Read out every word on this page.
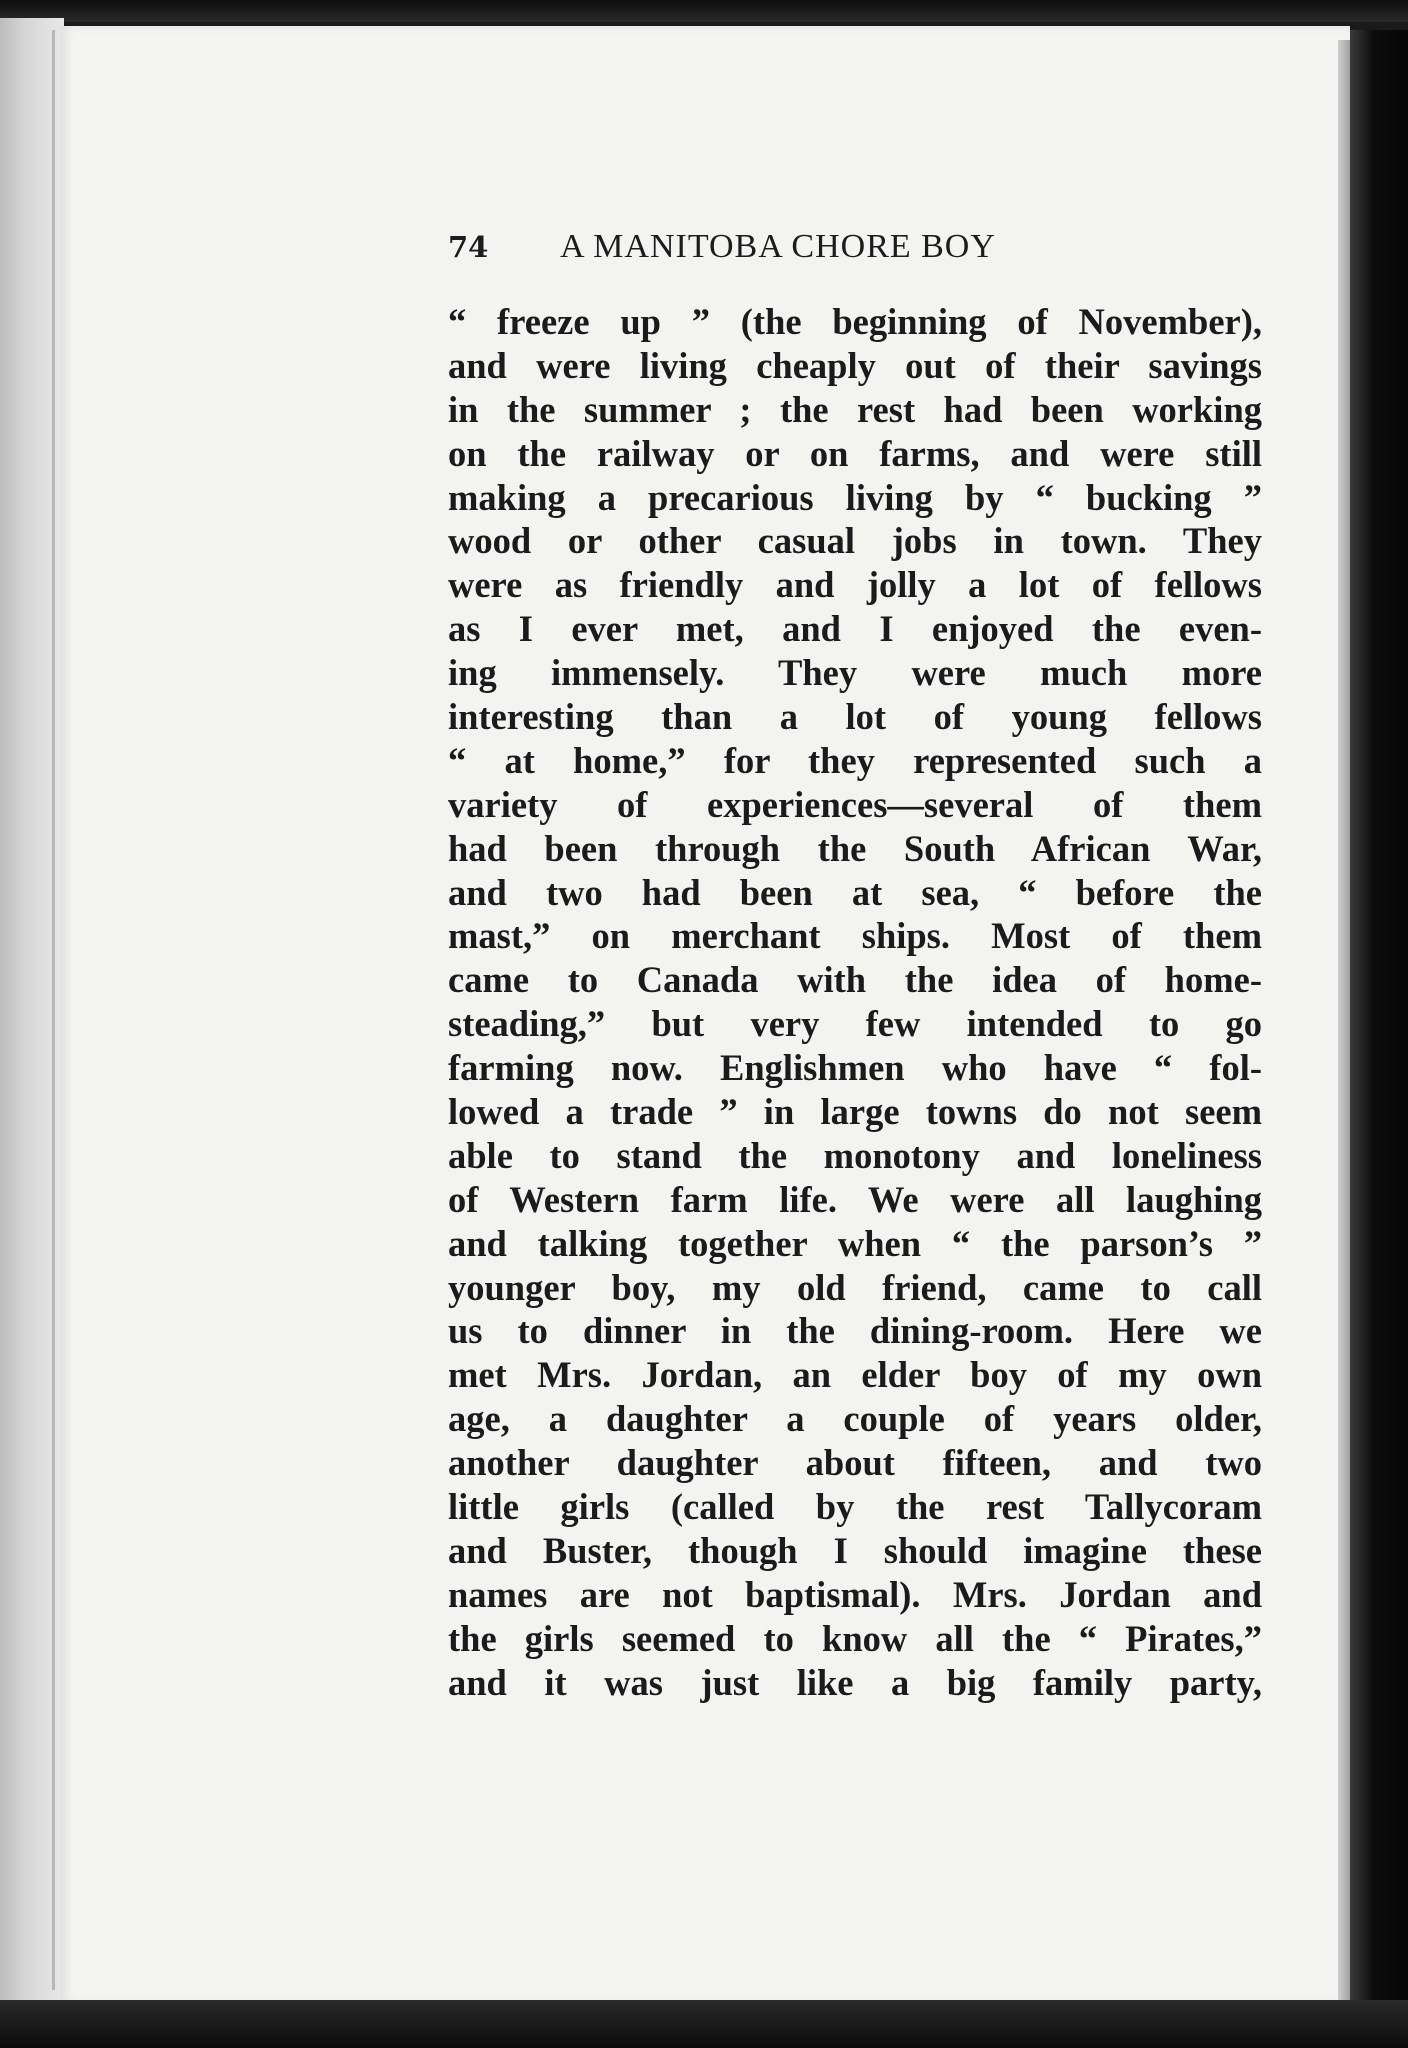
74 A MANITOBA CHORE BOY
“ freeze up ” (the beginning of November),
and were living cheaply out of their savings
in the summer ; the rest had been working
on the railway or on farms, and were still
making a precarious living by “ bucking ”
wood or other casual jobs in town. They
were as friendly and jolly a lot of fellows
as I ever met, and I enjoyed the even-
ing immensely. They were much more
interesting than a lot of young fellows
“ at home,” for they represented such a
variety of experiences—several of them
had been through the South African War,
and two had been at sea, “ before the
mast,” on merchant ships. Most of them
came to Canada with the idea of home-
steading,” but very few intended to go
farming now. Englishmen who have “ fol-
lowed a trade ” in large towns do not seem
able to stand the monotony and loneliness
of Western farm life. We were all laughing
and talking together when “ the parson’s ”
younger boy, my old friend, came to call
us to dinner in the dining-room. Here we
met Mrs. Jordan, an elder boy of my own
age, a daughter a couple of years older,
another daughter about fifteen, and two
little girls (called by the rest Tallycoram
and Buster, though I should imagine these
names are not baptismal). Mrs. Jordan and
the girls seemed to know all the “ Pirates,”
and it was just like a big family party,
